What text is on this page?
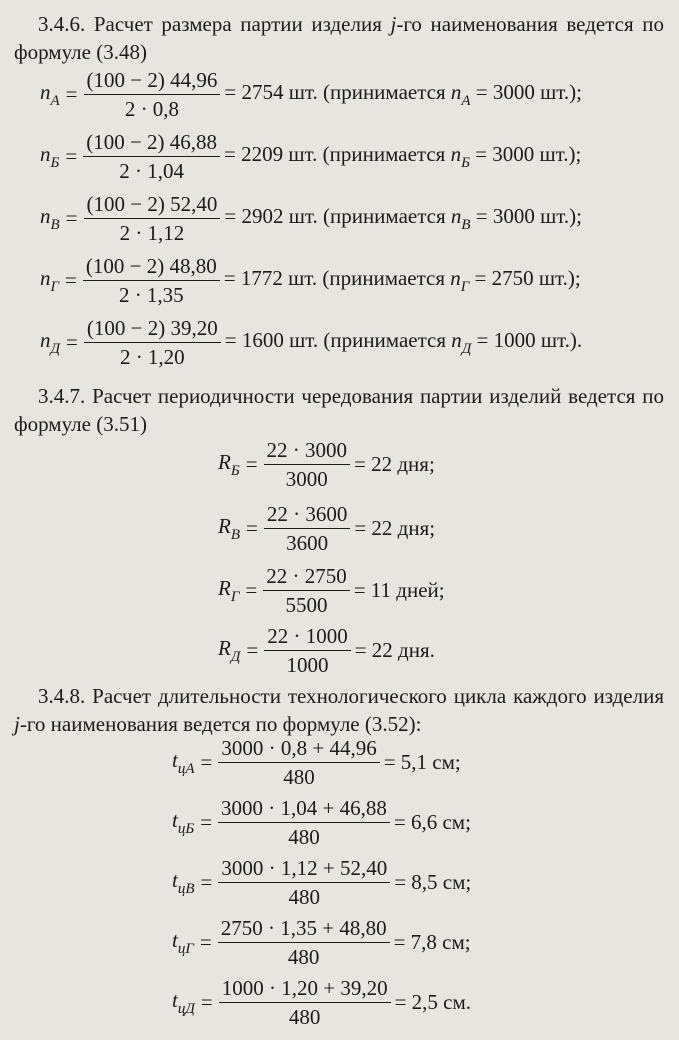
3.4.6. Расчет размера партии изделия j-го наименования ведется по формуле (3.48)
$n_А = \frac{(100 - 2) 44,96}{2 \cdot 0,8} = 2754$ шт. (принимается $n_А = 3000$ шт.);
$n_Б = \frac{(100 - 2) 46,88}{2 \cdot 1,04} = 2209$ шт. (принимается $n_Б = 3000$ шт.);
$n_В = \frac{(100 - 2) 52,40}{2 \cdot 1,12} = 2902$ шт. (принимается $n_В = 3000$ шт.);
$n_Г = \frac{(100 - 2) 48,80}{2 \cdot 1,35} = 1772$ шт. (принимается $n_Г = 2750$ шт.);
$n_Д = \frac{(100 - 2) 39,20}{2 \cdot 1,20} = 1600$ шт. (принимается $n_Д = 1000$ шт.).
3.4.7. Расчет периодичности чередования партии изделий ведется по формуле (3.51)
$R_Б = \frac{22 \cdot 3000}{3000} = 22$ дня;
$R_В = \frac{22 \cdot 3600}{3600} = 22$ дня;
$R_Г = \frac{22 \cdot 2750}{5500} = 11$ дней;
$R_Д = \frac{22 \cdot 1000}{1000} = 22$ дня.
3.4.8. Расчет длительности технологического цикла каждого изделия j-го наименования ведется по формуле (3.52):
$t_{цА} = \frac{3000 \cdot 0,8 + 44,96}{480} = 5,1$ см;
$t_{цБ} = \frac{3000 \cdot 1,04 + 46,88}{480} = 6,6$ см;
$t_{цВ} = \frac{3000 \cdot 1,12 + 52,40}{480} = 8,5$ см;
$t_{цГ} = \frac{2750 \cdot 1,35 + 48,80}{480} = 7,8$ см;
$t_{цД} = \frac{1000 \cdot 1,20 + 39,20}{480} = 2,5$ см.
